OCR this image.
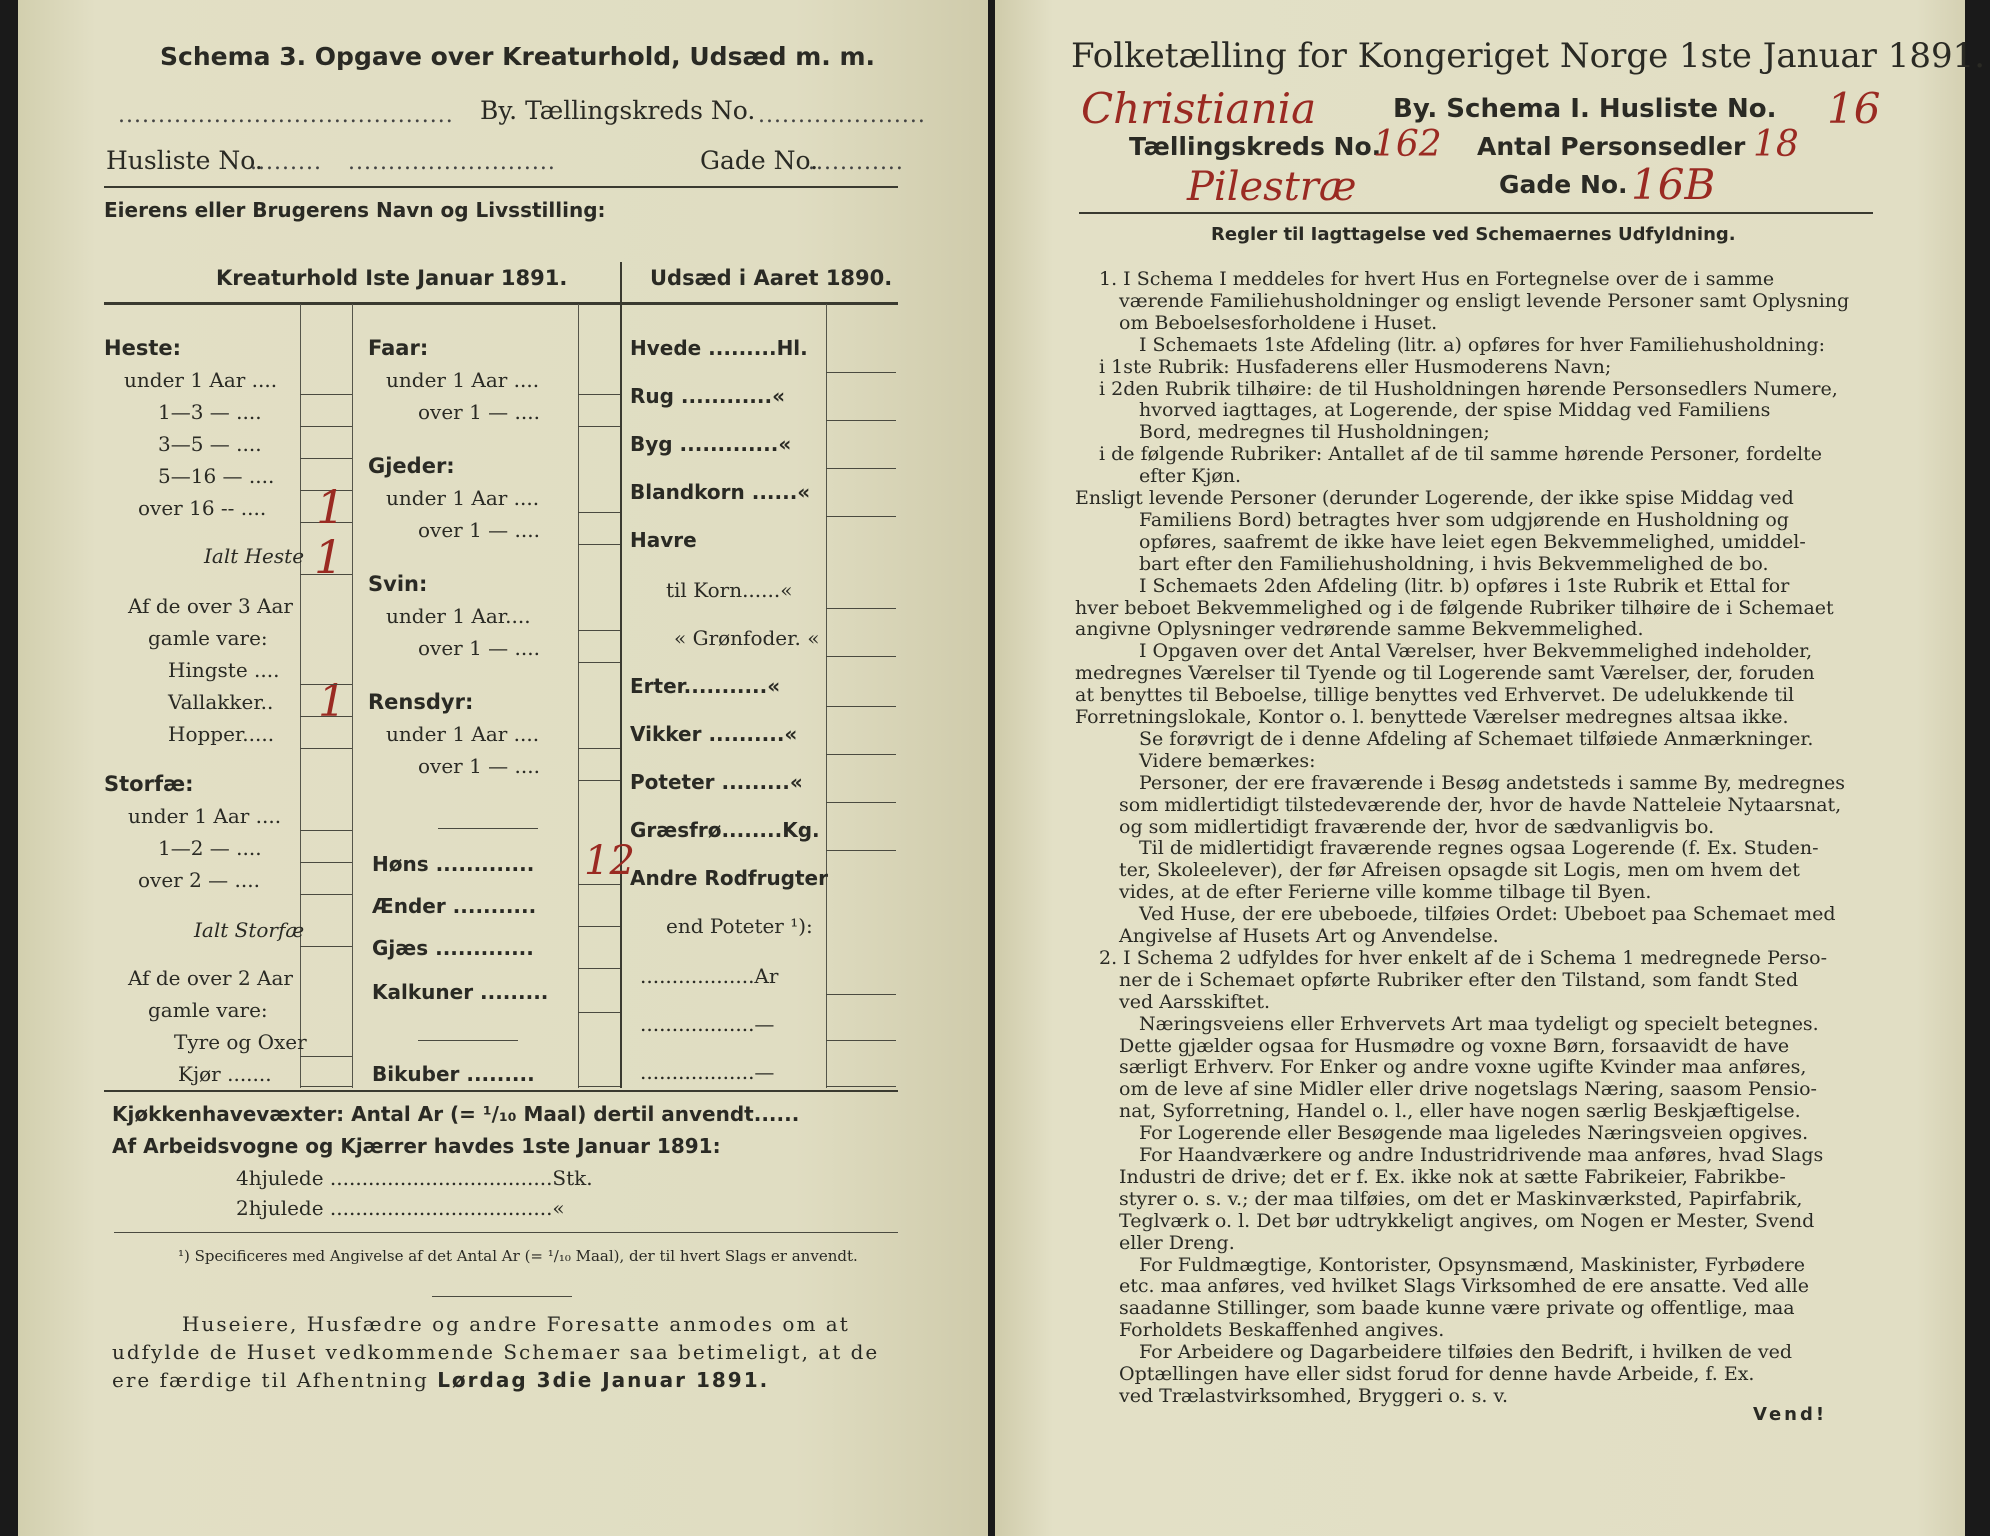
Schema 3. Opgave over Kreaturhold, Udsæd m. m.
.......................................... By. Tællingskreds No. .....................
Husliste No.
......... ..........................	Gade No.
............
Eierens eller Brugerens Navn og Livsstilling:
Kreaturhold Iste Januar 1891.	Udsæd i Aaret 1890.
Heste:
under 1 Aar ....
1—3 — ....
3—5 — ....
5—16 — ....
over 16 -- .... 1
Ialt Heste 1
Af de over 3 Aar
gamle vare:
Hingste ....
Vallakker.. 1
Hopper.....
Storfæ:
under 1 Aar ....
1—2 — ....
over 2 — ....
Ialt Storfæ
Af de over 2 Aar
gamle vare:
Tyre og Oxer
Kjør .......
Faar:
under 1 Aar ....
over 1 — ....
Gjeder:
under 1 Aar ....
over 1 — ....
Svin:
under 1 Aar....
over 1 — ....
Rensdyr:
under 1 Aar ....
over 1 — ....
Høns ............. 12
Ænder ...........
Gjæs .............
Kalkuner .........
Bikuber .........
Hvede .........Hl.
Rug ............«
Byg .............«
Blandkorn ......«
Havre
til Korn......«
« Grønfoder. «
Erter...........«
Vikker ..........«
Poteter .........«
Græsfrø........Kg.
Andre Rodfrugter
end Poteter ¹):
..................Ar
..................—
..................—
Kjøkkenhavevæxter: Antal Ar (= ¹/₁₀ Maal) dertil anvendt......
Af Arbeidsvogne og Kjærrer havdes 1ste Januar 1891:
4hjulede ...................................Stk.
2hjulede ...................................«
¹) Specificeres med Angivelse af det Antal Ar (= ¹/₁₀ Maal), der til hvert Slags er anvendt.
Huseiere, Husfædre og andre Foresatte anmodes om at
udfylde de Huset vedkommende Schemaer saa betimeligt, at de
ere færdige til Afhentning Lørdag 3die Januar 1891.
Folketælling for Kongeriget Norge 1ste Januar 1891.
Christiania	By. Schema I. Husliste No. 16
Tællingskreds No.
162 Antal Personsedler 18
Pilestræ	Gade No. 16B
Regler til Iagttagelse ved Schemaernes Udfyldning.
1. I Schema I meddeles for hvert Hus en Fortegnelse over de i samme
værende Familiehusholdninger og ensligt levende Personer samt Oplysning
om Beboelsesforholdene i Huset.
I Schemaets 1ste Afdeling (litr. a) opføres for hver Familiehusholdning:
i 1ste Rubrik: Husfaderens eller Husmoderens Navn;
i 2den Rubrik tilhøire: de til Husholdningen hørende Personsedlers Numere,
hvorved iagttages, at Logerende, der spise Middag ved Familiens
Bord, medregnes til Husholdningen;
i de følgende Rubriker: Antallet af de til samme hørende Personer, fordelte
efter Kjøn.
Ensligt levende Personer (derunder Logerende, der ikke spise Middag ved
Familiens Bord) betragtes hver som udgjørende en Husholdning og
opføres, saafremt de ikke have leiet egen Bekvemmelighed, umiddel-
bart efter den Familiehusholdning, i hvis Bekvemmelighed de bo.
I Schemaets 2den Afdeling (litr. b) opføres i 1ste Rubrik et Ettal for
hver beboet Bekvemmelighed og i de følgende Rubriker tilhøire de i Schemaet
angivne Oplysninger vedrørende samme Bekvemmelighed.
I Opgaven over det Antal Værelser, hver Bekvemmelighed indeholder,
medregnes Værelser til Tyende og til Logerende samt Værelser, der, foruden
at benyttes til Beboelse, tillige benyttes ved Erhvervet. De udelukkende til
Forretningslokale, Kontor o. l. benyttede Værelser medregnes altsaa ikke.
Se forøvrigt de i denne Afdeling af Schemaet tilføiede Anmærkninger.
Videre bemærkes:
Personer, der ere fraværende i Besøg andetsteds i samme By, medregnes
som midlertidigt tilstedeværende der, hvor de havde Natteleie Nytaarsnat,
og som midlertidigt fraværende der, hvor de sædvanligvis bo.
Til de midlertidigt fraværende regnes ogsaa Logerende (f. Ex. Studen-
ter, Skoleelever), der før Afreisen opsagde sit Logis, men om hvem det
vides, at de efter Ferierne ville komme tilbage til Byen.
Ved Huse, der ere ubeboede, tilføies Ordet: Ubeboet paa Schemaet med
Angivelse af Husets Art og Anvendelse.
2. I Schema 2 udfyldes for hver enkelt af de i Schema 1 medregnede Perso-
ner de i Schemaet opførte Rubriker efter den Tilstand, som fandt Sted
ved Aarsskiftet.
Næringsveiens eller Erhvervets Art maa tydeligt og specielt betegnes.
Dette gjælder ogsaa for Husmødre og voxne Børn, forsaavidt de have
særligt Erhverv. For Enker og andre voxne ugifte Kvinder maa anføres,
om de leve af sine Midler eller drive nogetslags Næring, saasom Pensio-
nat, Syforretning, Handel o. l., eller have nogen særlig Beskjæftigelse.
For Logerende eller Besøgende maa ligeledes Næringsveien opgives.
For Haandværkere og andre Industridrivende maa anføres, hvad Slags
Industri de drive; det er f. Ex. ikke nok at sætte Fabrikeier, Fabrikbe-
styrer o. s. v.; der maa tilføies, om det er Maskinværksted, Papirfabrik,
Teglværk o. l. Det bør udtrykkeligt angives, om Nogen er Mester, Svend
eller Dreng.
For Fuldmægtige, Kontorister, Opsynsmænd, Maskinister, Fyrbødere
etc. maa anføres, ved hvilket Slags Virksomhed de ere ansatte. Ved alle
saadanne Stillinger, som baade kunne være private og offentlige, maa
Forholdets Beskaffenhed angives.
For Arbeidere og Dagarbeidere tilføies den Bedrift, i hvilken de ved
Optællingen have eller sidst forud for denne havde Arbeide, f. Ex.
ved Trælastvirksomhed, Bryggeri o. s. v.
Vend!
